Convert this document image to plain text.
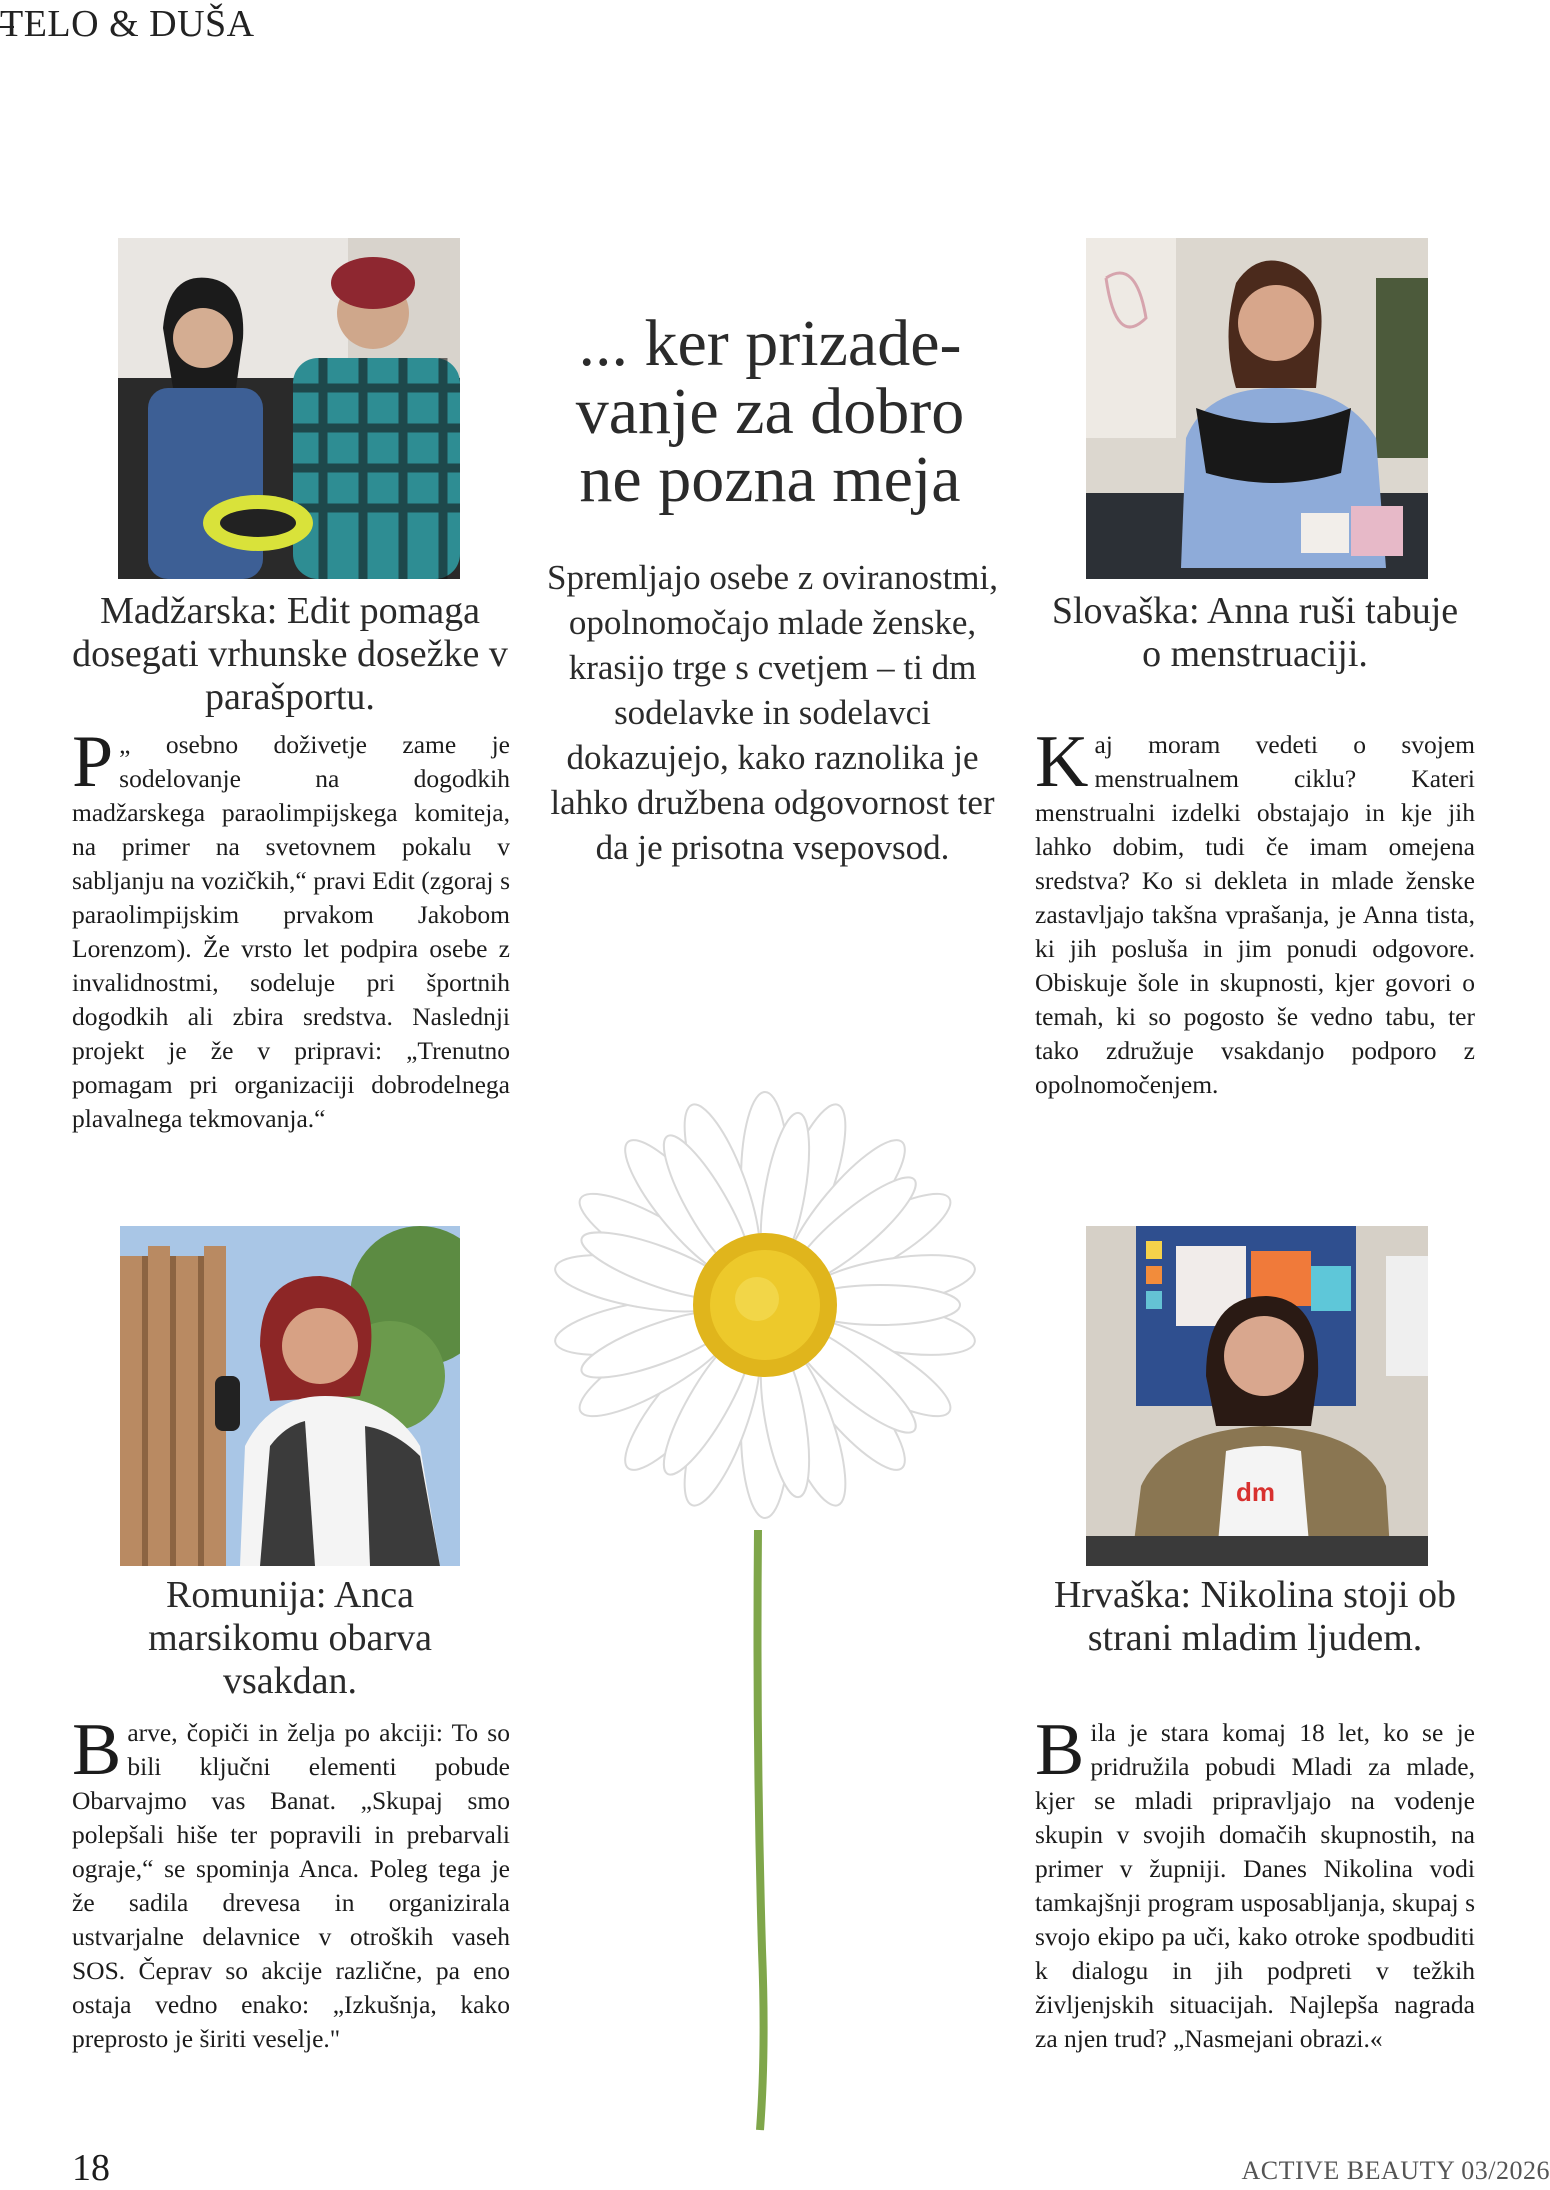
TELO & DUŠA
dm
... ker prizade-
vanje za dobro
ne pozna meja
Spremljajo osebe z oviranostmi, opolnomočajo mlade ženske, krasijo trge s cvetjem – ti dm sodelavke in sodelavci dokazujejo, kako raznolika je lahko družbena odgovornost ter da je prisotna vsepovsod.
Madžarska: Edit pomaga dosegati vrhunske dosežke v parašportu.
P „ osebno doživetje zame je sodelovanje na dogodkih madžarskega paraolimpijskega komiteja, na primer na svetovnem pokalu v sabljanju na vozičkih,“ pravi Edit (zgoraj s paraolimpijskim prvakom Jakobom Lorenzom). Že vrsto let podpira osebe z invalidnostmi, sodeluje pri športnih dogodkih ali zbira sredstva. Naslednji projekt je že v pripravi: „Trenutno pomagam pri organizaciji dobrodelnega plavalnega tekmovanja.“
Slovaška: Anna ruši tabuje o menstruaciji.
Kaj moram vedeti o svojem menstrualnem ciklu? Kateri menstrualni izdelki obstajajo in kje jih lahko dobim, tudi če imam omejena sredstva? Ko si dekleta in mlade ženske zastavljajo takšna vprašanja, je Anna tista, ki jih posluša in jim ponudi odgovore. Obiskuje šole in skupnosti, kjer govori o temah, ki so pogosto še vedno tabu, ter tako združuje vsakdanjo podporo z opolnomočenjem.
Romunija: Anca marsikomu obarva vsakdan.
Barve, čopiči in želja po akciji: To so bili ključni elementi pobude Obarvajmo vas Banat. „Skupaj smo polepšali hiše ter popravili in prebarvali ograje,“ se spominja Anca. Poleg tega je že sadila drevesa in organizirala ustvarjalne delavnice v otroških vaseh SOS. Čeprav so akcije različne, pa eno ostaja vedno enako: „Izkušnja, kako preprosto je širiti veselje."
Hrvaška: Nikolina stoji ob strani mladim ljudem.
Bila je stara komaj 18 let, ko se je pridružila pobudi Mladi za mlade, kjer se mladi pripravljajo na vodenje skupin v svojih domačih skupnostih, na primer v župniji. Danes Nikolina vodi tamkajšnji program usposabljanja, skupaj s svojo ekipo pa uči, kako otroke spodbuditi k dialogu in jih podpreti v težkih življenjskih situacijah. Najlepša nagrada za njen trud? „Nasmejani obrazi.«
18	ACTIVE BEAUTY 03/2026
